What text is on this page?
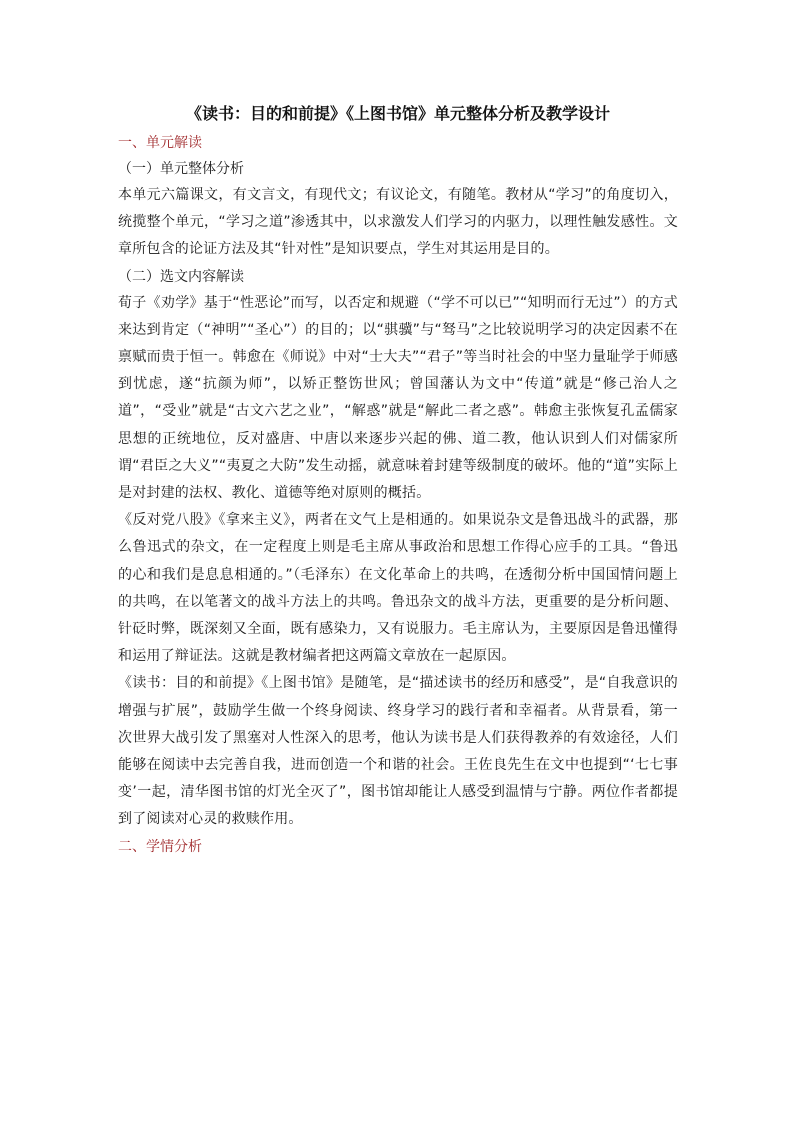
《读书：目的和前提》《上图书馆》单元整体分析及教学设计

一、单元解读

（一）单元整体分析

本单元六篇课文，有文言文，有现代文；有议论文，有随笔。教材从“学习”的角度切入，统揽整个单元，“学习之道”渗透其中，以求激发人们学习的内驱力，以理性触发感性。文章所包含的论证方法及其“针对性”是知识要点，学生对其运用是目的。

（二）选文内容解读

荀子《劝学》基于“性恶论”而写，以否定和规避（“学不可以已”“知明而行无过”）的方式来达到肯定（“神明”“圣心”）的目的；以“骐骥”与“驽马”之比较说明学习的决定因素不在禀赋而贵于恒一。韩愈在《师说》中对“士大夫”“君子”等当时社会的中坚力量耻学于师感到忧虑，遂“抗颜为师”，以矫正整饬世风；曾国藩认为文中“传道”就是“修己治人之道”，“受业”就是“古文六艺之业”，“解惑”就是“解此二者之惑”。韩愈主张恢复孔孟儒家思想的正统地位，反对盛唐、中唐以来逐步兴起的佛、道二教，他认识到人们对儒家所谓“君臣之大义”“夷夏之大防”发生动摇，就意味着封建等级制度的破坏。他的“道”实际上是对封建的法权、教化、道德等绝对原则的概括。

《反对党八股》《拿来主义》，两者在文气上是相通的。如果说杂文是鲁迅战斗的武器，那么鲁迅式的杂文，在一定程度上则是毛主席从事政治和思想工作得心应手的工具。“鲁迅的心和我们是息息相通的。”（毛泽东）在文化革命上的共鸣，在透彻分析中国国情问题上的共鸣，在以笔著文的战斗方法上的共鸣。鲁迅杂文的战斗方法，更重要的是分析问题、针砭时弊，既深刻又全面，既有感染力，又有说服力。毛主席认为，主要原因是鲁迅懂得和运用了辩证法。这就是教材编者把这两篇文章放在一起原因。

《读书：目的和前提》《上图书馆》是随笔，是“描述读书的经历和感受”，是“自我意识的增强与扩展”，鼓励学生做一个终身阅读、终身学习的践行者和幸福者。从背景看，第一次世界大战引发了黑塞对人性深入的思考，他认为读书是人们获得教养的有效途径，人们能够在阅读中去完善自我，进而创造一个和谐的社会。王佐良先生在文中也提到“‘七七事变’一起，清华图书馆的灯光全灭了”，图书馆却能让人感受到温情与宁静。两位作者都提到了阅读对心灵的救赎作用。

二、学情分析
